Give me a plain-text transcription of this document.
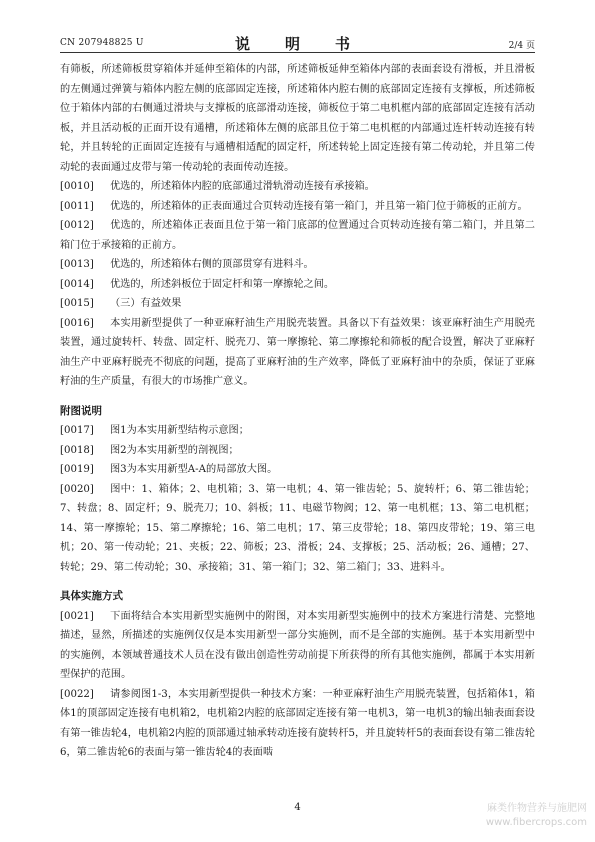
CN 207948825 U	说　明　书	2/4 页

有筛板，所述筛板贯穿箱体并延伸至箱体的内部，所述筛板延伸至箱体内部的表面套设有滑板，并且滑板的左侧通过弹簧与箱体内腔左侧的底部固定连接，所述箱体内腔右侧的底部固定连接有支撑板，所述筛板位于箱体内部的右侧通过滑块与支撑板的底部滑动连接，筛板位于第二电机框内部的底部固定连接有活动板，并且活动板的正面开设有通槽，所述箱体左侧的底部且位于第二电机框的内部通过连杆转动连接有转轮，并且转轮的正面固定连接有与通槽相适配的固定杆，所述转轮上固定连接有第二传动轮，并且第二传动轮的表面通过皮带与第一传动轮的表面传动连接。

[0010] 优选的，所述箱体内腔的底部通过滑轨滑动连接有承接箱。

[0011] 优选的，所述箱体的正表面通过合页转动连接有第一箱门，并且第一箱门位于筛板的正前方。

[0012] 优选的，所述箱体正表面且位于第一箱门底部的位置通过合页转动连接有第二箱门，并且第二箱门位于承接箱的正前方。

[0013] 优选的，所述箱体右侧的顶部贯穿有进料斗。

[0014] 优选的，所述斜板位于固定杆和第一摩擦轮之间。

[0015] （三）有益效果

[0016] 本实用新型提供了一种亚麻籽油生产用脱壳装置。具备以下有益效果：该亚麻籽油生产用脱壳装置，通过旋转杆、转盘、固定杆、脱壳刀、第一摩擦轮、第二摩擦轮和筛板的配合设置，解决了亚麻籽油生产中亚麻籽脱壳不彻底的问题，提高了亚麻籽油的生产效率，降低了亚麻籽油中的杂质，保证了亚麻籽油的生产质量，有很大的市场推广意义。

附图说明

[0017] 图1为本实用新型结构示意图；

[0018] 图2为本实用新型的剖视图；

[0019] 图3为本实用新型A-A的局部放大图。

[0020] 图中：1、箱体；2、电机箱；3、第一电机；4、第一锥齿轮；5、旋转杆；6、第二锥齿轮；7、转盘；8、固定杆；9、脱壳刀；10、斜板；11、电磁节物阀；12、第一电机框；13、第二电机框；14、第一摩擦轮；15、第二摩擦轮；16、第二电机；17、第三皮带轮；18、第四皮带轮；19、第三电机；20、第一传动轮；21、夹板；22、筛板；23、滑板；24、支撑板；25、活动板；26、通槽；27、转轮；29、第二传动轮；30、承接箱；31、第一箱门；32、第二箱门；33、进料斗。

具体实施方式

[0021] 下面将结合本实用新型实施例中的附图，对本实用新型实施例中的技术方案进行清楚、完整地描述，显然，所描述的实施例仅仅是本实用新型一部分实施例，而不是全部的实施例。基于本实用新型中的实施例，本领域普通技术人员在没有做出创造性劳动前提下所获得的所有其他实施例，都属于本实用新型保护的范围。

[0022] 请参阅图1-3，本实用新型提供一种技术方案：一种亚麻籽油生产用脱壳装置，包括箱体1，箱体1的顶部固定连接有电机箱2，电机箱2内腔的底部固定连接有第一电机3，第一电机3的输出轴表面套设有第一锥齿轮4，电机箱2内腔的顶部通过轴承转动连接有旋转杆5，并且旋转杆5的表面套设有第二锥齿轮6，第二锥齿轮6的表面与第一锥齿轮4的表面啮

4	麻类作物营养与施肥网
www.fibercrops.com
